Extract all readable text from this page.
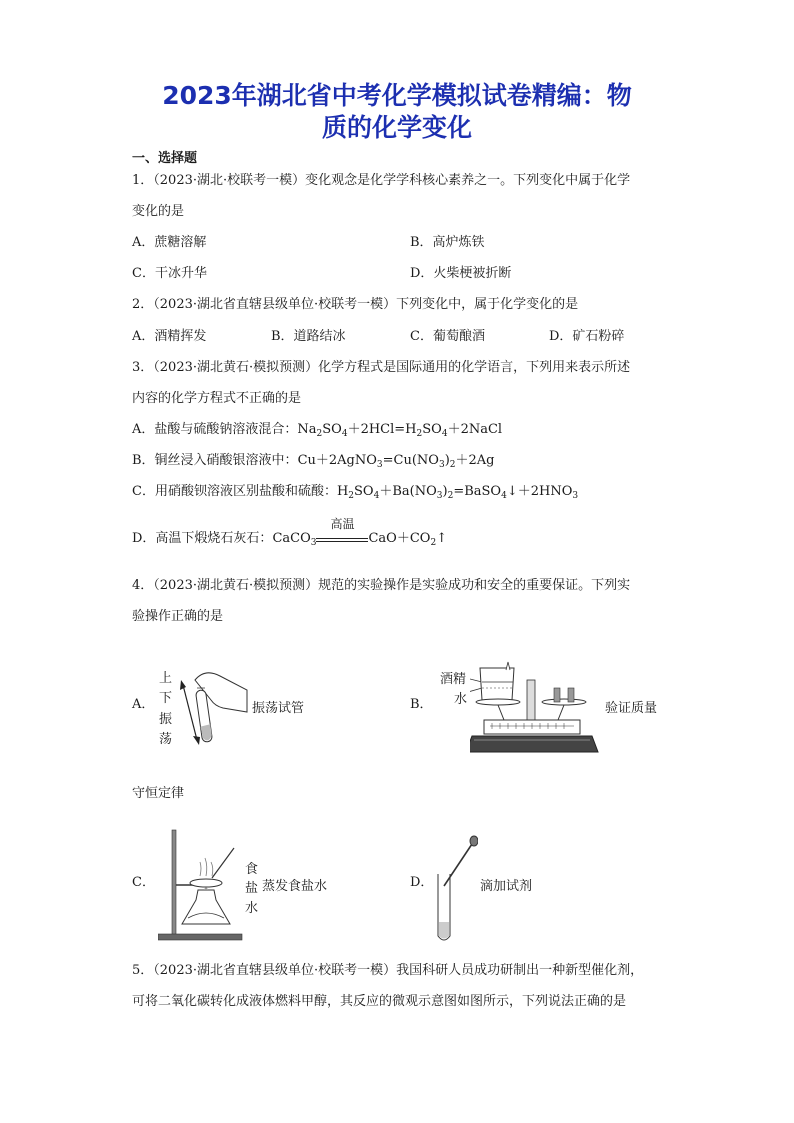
2023年湖北省中考化学模拟试卷精编：物
质的化学变化
一、选择题
1．（2023·湖北·校联考一模）变化观念是化学学科核心素养之一。下列变化中属于化学
变化的是
A．蔗糖溶解	B．高炉炼铁
C．干冰升华	D．火柴梗被折断
2．（2023·湖北省直辖县级单位·校联考一模）下列变化中，属于化学变化的是
A．酒精挥发	B．道路结冰	C．葡萄酿酒	D．矿石粉碎
3．（2023·湖北黄石·模拟预测）化学方程式是国际通用的化学语言，下列用来表示所述
内容的化学方程式不正确的是
A．盐酸与硫酸钠溶液混合：$Na_2SO_4+2HCl=H_2SO_4+2NaCl$
B．铜丝浸入硝酸银溶液中：$Cu+2AgNO_3=Cu(NO_3)_2+2Ag$
C．用硝酸钡溶液区别盐酸和硫酸：$H_2SO_4+Ba(NO_3)_2=BaSO_4↓+2HNO_3$
D．高温下煅烧石灰石：CaCO$_3$
高温
$CaO+CO_2↑$
4．（2023·湖北黄石·模拟预测）规范的实验操作是实验成功和安全的重要保证。下列实
验操作正确的是
A．
上
下
振
荡
振荡试管	B．
酒精
水
验证质量
守恒定律
C．
食
盐
水
蒸发食盐水	D．	滴加试剂
5．（2023·湖北省直辖县级单位·校联考一模）我国科研人员成功研制出一种新型催化剂，
可将二氧化碳转化成液体燃料甲醇，其反应的微观示意图如图所示，下列说法正确的是
